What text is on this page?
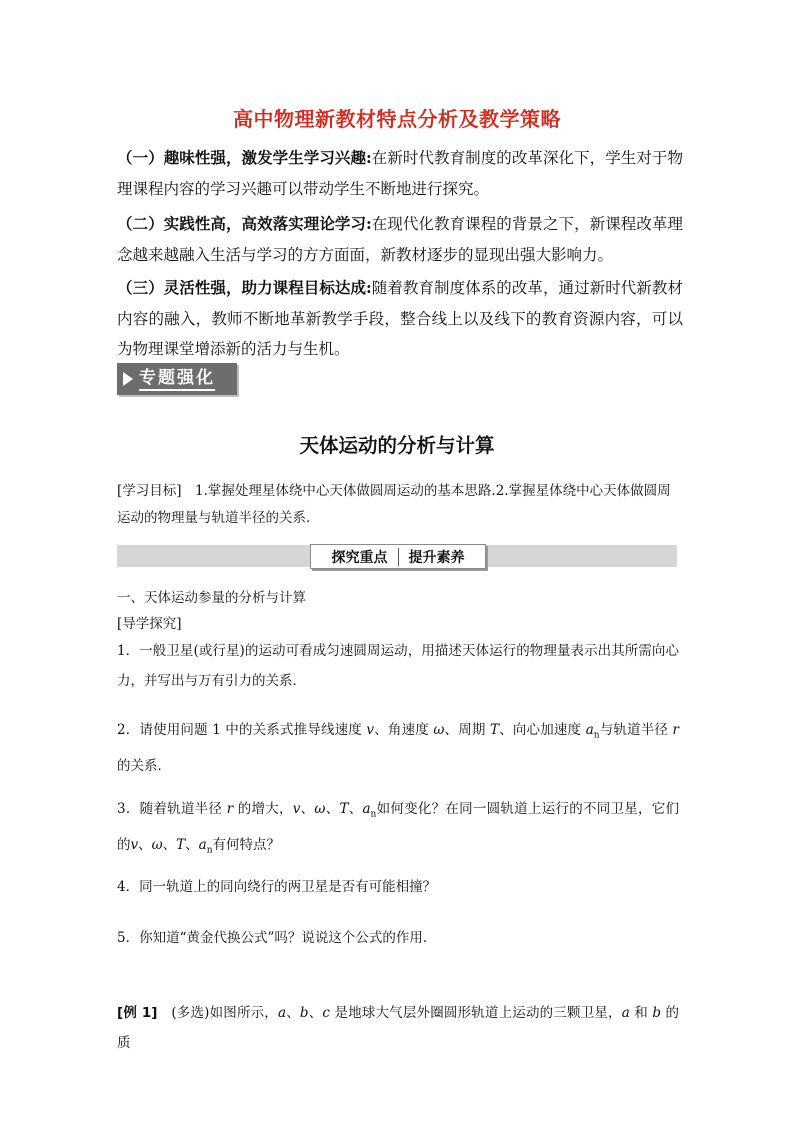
高中物理新教材特点分析及教学策略
（一）趣味性强，激发学生学习兴趣:在新时代教育制度的改革深化下，学生对于物理课程内容的学习兴趣可以带动学生不断地进行探究。
（二）实践性高，高效落实理论学习:在现代化教育课程的背景之下，新课程改革理念越来越融入生活与学习的方方面面，新教材逐步的显现出强大影响力。
（三）灵活性强，助力课程目标达成:随着教育制度体系的改革，通过新时代新教材内容的融入，教师不断地革新教学手段，整合线上以及线下的教育资源内容，可以为物理课堂增添新的活力与生机。
专题强化
天体运动的分析与计算
[学习目标]　1.掌握处理星体绕中心天体做圆周运动的基本思路.2.掌握星体绕中心天体做圆周运动的物理量与轨道半径的关系．
探究重点 提升素养
一、天体运动参量的分析与计算
[导学探究]
1．一般卫星(或行星)的运动可看成匀速圆周运动，用描述天体运行的物理量表示出其所需向心力，并写出与万有引力的关系．
2．请使用问题 1 中的关系式推导线速度 v、角速度 ω、周期 T、向心加速度 $a_n$与轨道半径 r的关系．
3．随着轨道半径 r 的增大，v、ω、T、$a_n$如何变化？在同一圆轨道上运行的不同卫星，它们的v、ω、T、$a_n$有何特点？
4．同一轨道上的同向绕行的两卫星是否有可能相撞？
5．你知道“黄金代换公式”吗？说说这个公式的作用．
[例 1]　 (多选)如图所示，a、b、c 是地球大气层外圈圆形轨道上运动的三颗卫星，a 和 b 的质
